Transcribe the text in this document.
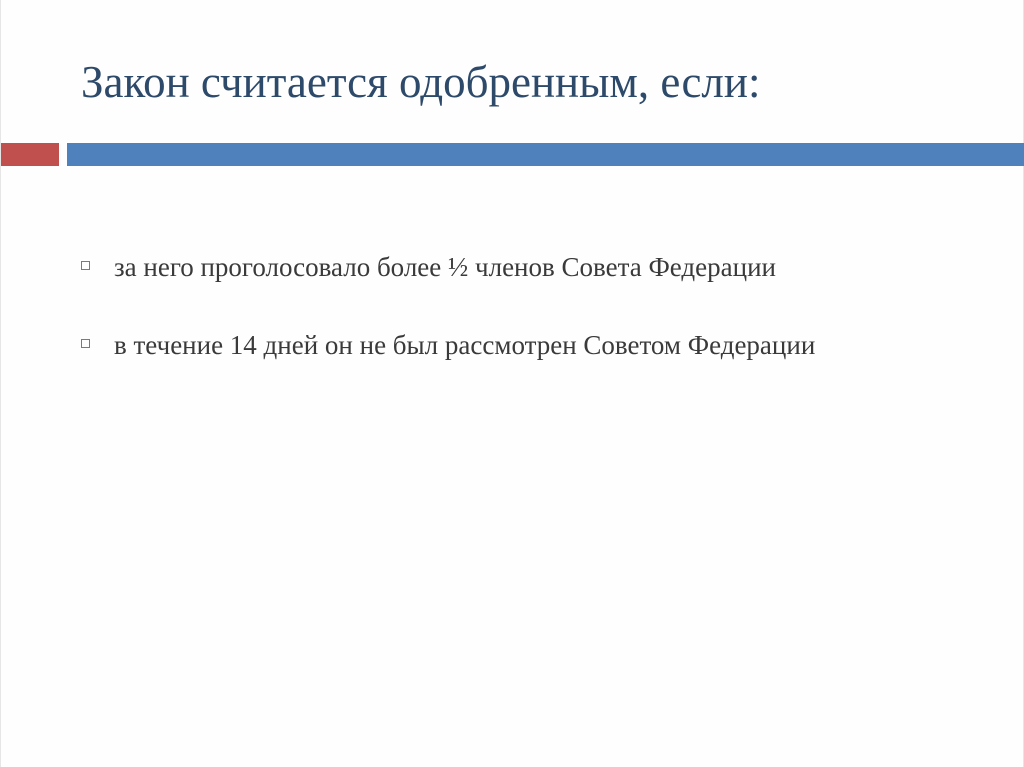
Закон считается одобренным, если:
за него проголосовало более ½ членов Совета Федерации
в течение 14 дней он не был рассмотрен Советом Федерации
